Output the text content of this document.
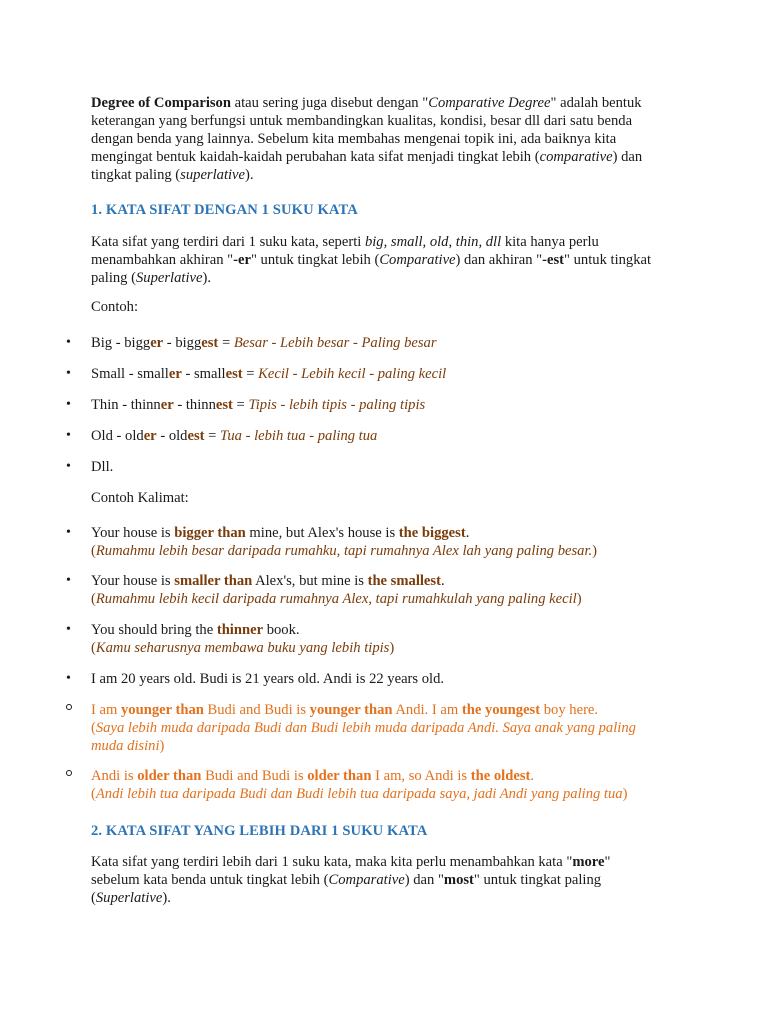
Degree of Comparison atau sering juga disebut dengan "Comparative Degree" adalah bentuk
keterangan yang berfungsi untuk membandingkan kualitas, kondisi, besar dll dari satu benda
dengan benda yang lainnya. Sebelum kita membahas mengenai topik ini, ada baiknya kita
mengingat bentuk kaidah-kaidah perubahan kata sifat menjadi tingkat lebih (comparative) dan
tingkat paling (superlative).

1. KATA SIFAT DENGAN 1 SUKU KATA

Kata sifat yang terdiri dari 1 suku kata, seperti big, small, old, thin, dll kita hanya perlu
menambahkan akhiran "-er" untuk tingkat lebih (Comparative) dan akhiran "-est" untuk tingkat
paling (Superlative).

Contoh:

• Big - bigger - biggest = Besar - Lebih besar - Paling besar
• Small - smaller - smallest = Kecil - Lebih kecil - paling kecil
• Thin - thinner - thinnest = Tipis - lebih tipis - paling tipis
• Old - older - oldest = Tua - lebih tua - paling tua
• Dll.

Contoh Kalimat:

• Your house is bigger than mine, but Alex's house is the biggest.
(Rumahmu lebih besar daripada rumahku, tapi rumahnya Alex lah yang paling besar.)
• Your house is smaller than Alex's, but mine is the smallest.
(Rumahmu lebih kecil daripada rumahnya Alex, tapi rumahkulah yang paling kecil)
• You should bring the thinner book.
(Kamu seharusnya membawa buku yang lebih tipis)
• I am 20 years old. Budi is 21 years old. Andi is 22 years old.
I am younger than Budi and Budi is younger than Andi. I am the youngest boy here.
(Saya lebih muda daripada Budi dan Budi lebih muda daripada Andi. Saya anak yang paling
muda disini)
Andi is older than Budi and Budi is older than I am, so Andi is the oldest.
(Andi lebih tua daripada Budi dan Budi lebih tua daripada saya, jadi Andi yang paling tua)

2. KATA SIFAT YANG LEBIH DARI 1 SUKU KATA

Kata sifat yang terdiri lebih dari 1 suku kata, maka kita perlu menambahkan kata "more"
sebelum kata benda untuk tingkat lebih (Comparative) dan "most" untuk tingkat paling
(Superlative).
